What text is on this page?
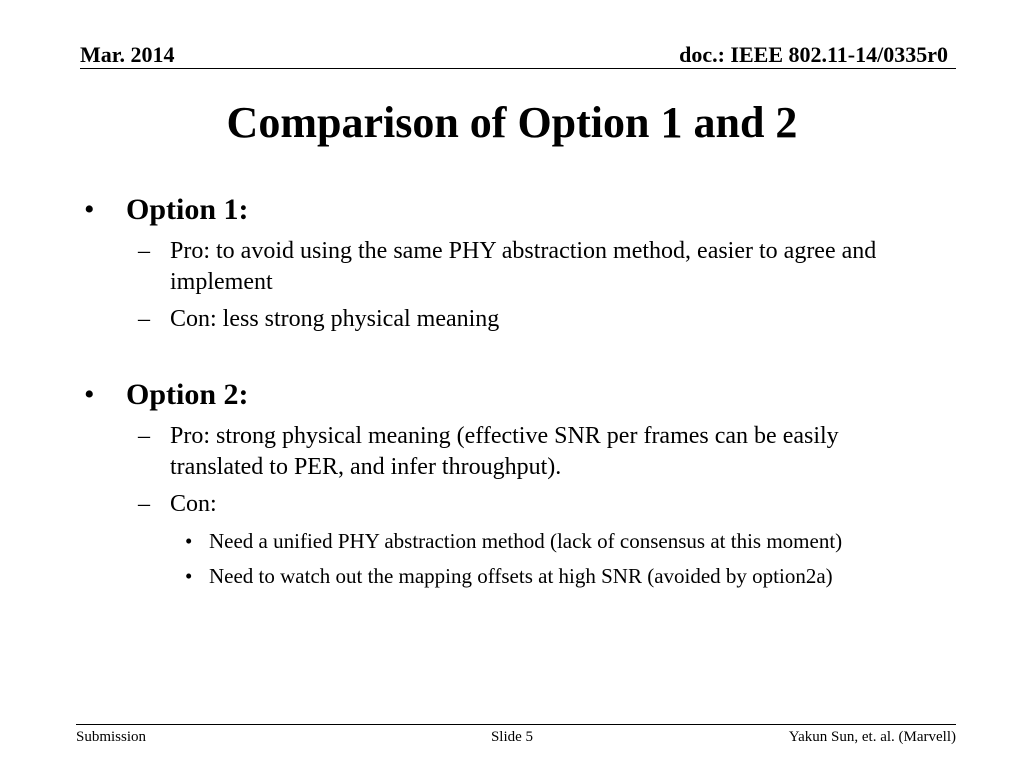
Mar. 2014	doc.: IEEE 802.11-14/0335r0
Comparison of Option 1 and 2
• Option 1:
– Pro: to avoid using the same PHY abstraction method, easier to agree and implement
– Con: less strong physical meaning
• Option 2:
– Pro: strong physical meaning (effective SNR per frames can be easily translated to PER, and infer throughput).
– Con:
• Need a unified PHY abstraction method (lack of consensus at this moment)
• Need to watch out the mapping offsets at high SNR (avoided by option2a)
Submission	Slide 5	Yakun Sun, et. al. (Marvell)
